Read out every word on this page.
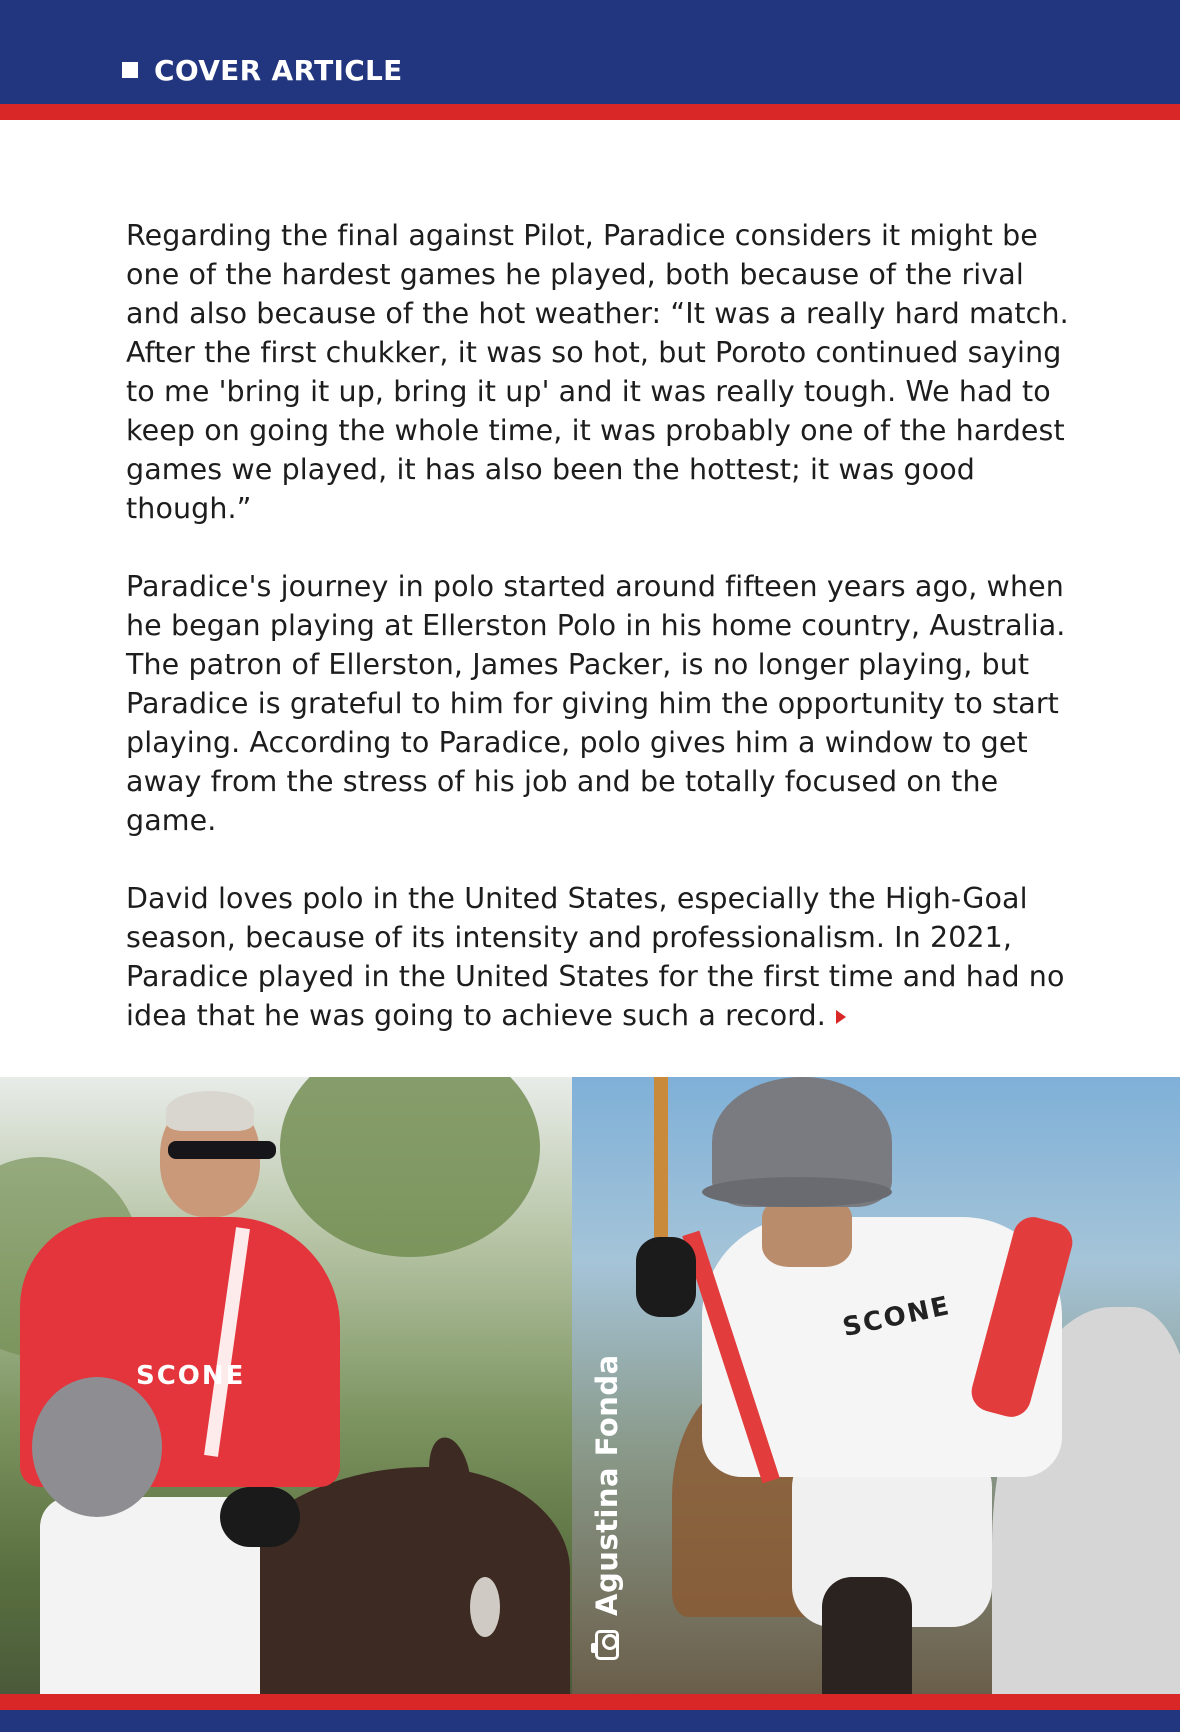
COVER ARTICLE

Regarding the final against Pilot, Paradice considers it might be one of the hardest games he played, both because of the rival and also because of the hot weather: “It was a really hard match. After the first chukker, it was so hot, but Poroto continued saying to me 'bring it up, bring it up' and it was really tough. We had to keep on going the whole time, it was probably one of the hardest games we played, it has also been the hottest; it was good though.”

Paradice's journey in polo started around fifteen years ago, when he began playing at Ellerston Polo in his home country, Australia. The patron of Ellerston, James Packer, is no longer playing, but Paradice is grateful to him for giving him the opportunity to start playing. According to Paradice, polo gives him a window to get away from the stress of his job and be totally focused on the game.

David loves polo in the United States, especially the High-Goal season, because of its intensity and professionalism. In 2021, Paradice played in the United States for the first time and had no idea that he was going to achieve such a record.

SCONE
SCONE
Agustina Fonda
